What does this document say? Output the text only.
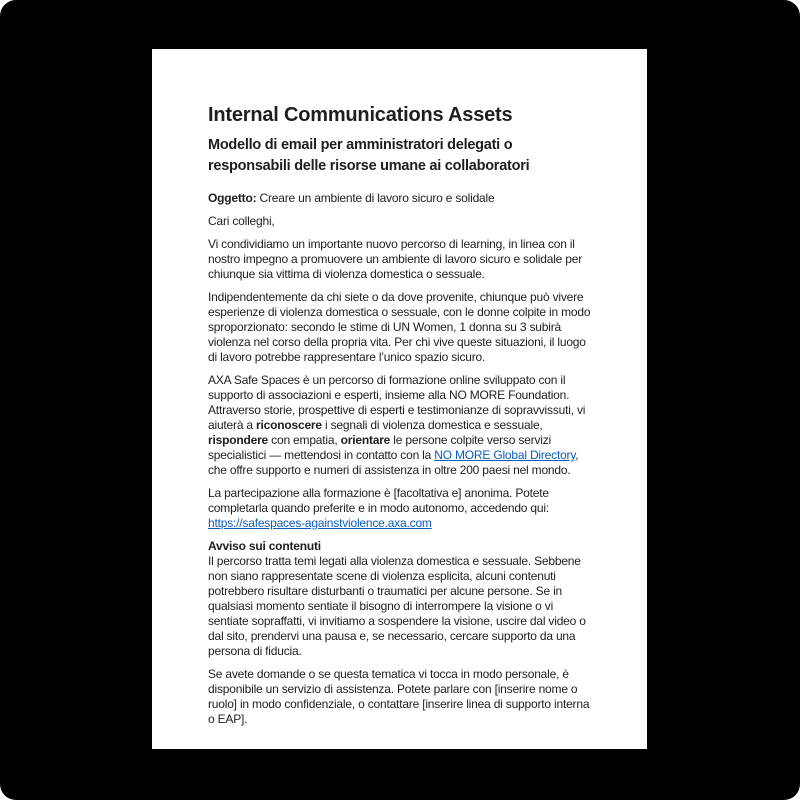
Internal Communications Assets
Modello di email per amministratori delegati o responsabili delle risorse umane ai collaboratori

Oggetto: Creare un ambiente di lavoro sicuro e solidale

Cari colleghi,

Vi condividiamo un importante nuovo percorso di learning, in linea con il nostro impegno a promuovere un ambiente di lavoro sicuro e solidale per chiunque sia vittima di violenza domestica o sessuale.

Indipendentemente da chi siete o da dove provenite, chiunque può vivere esperienze di violenza domestica o sessuale, con le donne colpite in modo sproporzionato: secondo le stime di UN Women, 1 donna su 3 subirà violenza nel corso della propria vita. Per chi vive queste situazioni, il luogo di lavoro potrebbe rappresentare l’unico spazio sicuro.

AXA Safe Spaces è un percorso di formazione online sviluppato con il supporto di associazioni e esperti, insieme alla NO MORE Foundation. Attraverso storie, prospettive di esperti e testimonianze di sopravvissuti, vi aiuterà a riconoscere i segnali di violenza domestica e sessuale, rispondere con empatia, orientare le persone colpite verso servizi specialistici — mettendosi in contatto con la NO MORE Global Directory, che offre supporto e numeri di assistenza in oltre 200 paesi nel mondo.

La partecipazione alla formazione è [facoltativa e] anonima. Potete completarla quando preferite e in modo autonomo, accedendo qui:
https://safespaces-againstviolence.axa.com

Avviso sui contenuti
Il percorso tratta temi legati alla violenza domestica e sessuale. Sebbene non siano rappresentate scene di violenza esplicita, alcuni contenuti potrebbero risultare disturbanti o traumatici per alcune persone. Se in qualsiasi momento sentiate il bisogno di interrompere la visione o vi sentiate sopraffatti, vi invitiamo a sospendere la visione, uscire dal video o dal sito, prendervi una pausa e, se necessario, cercare supporto da una persona di fiducia.

Se avete domande o se questa tematica vi tocca in modo personale, è disponibile un servizio di assistenza. Potete parlare con [inserire nome o ruolo] in modo confidenziale, o contattare [inserire linea di supporto interna o EAP].
